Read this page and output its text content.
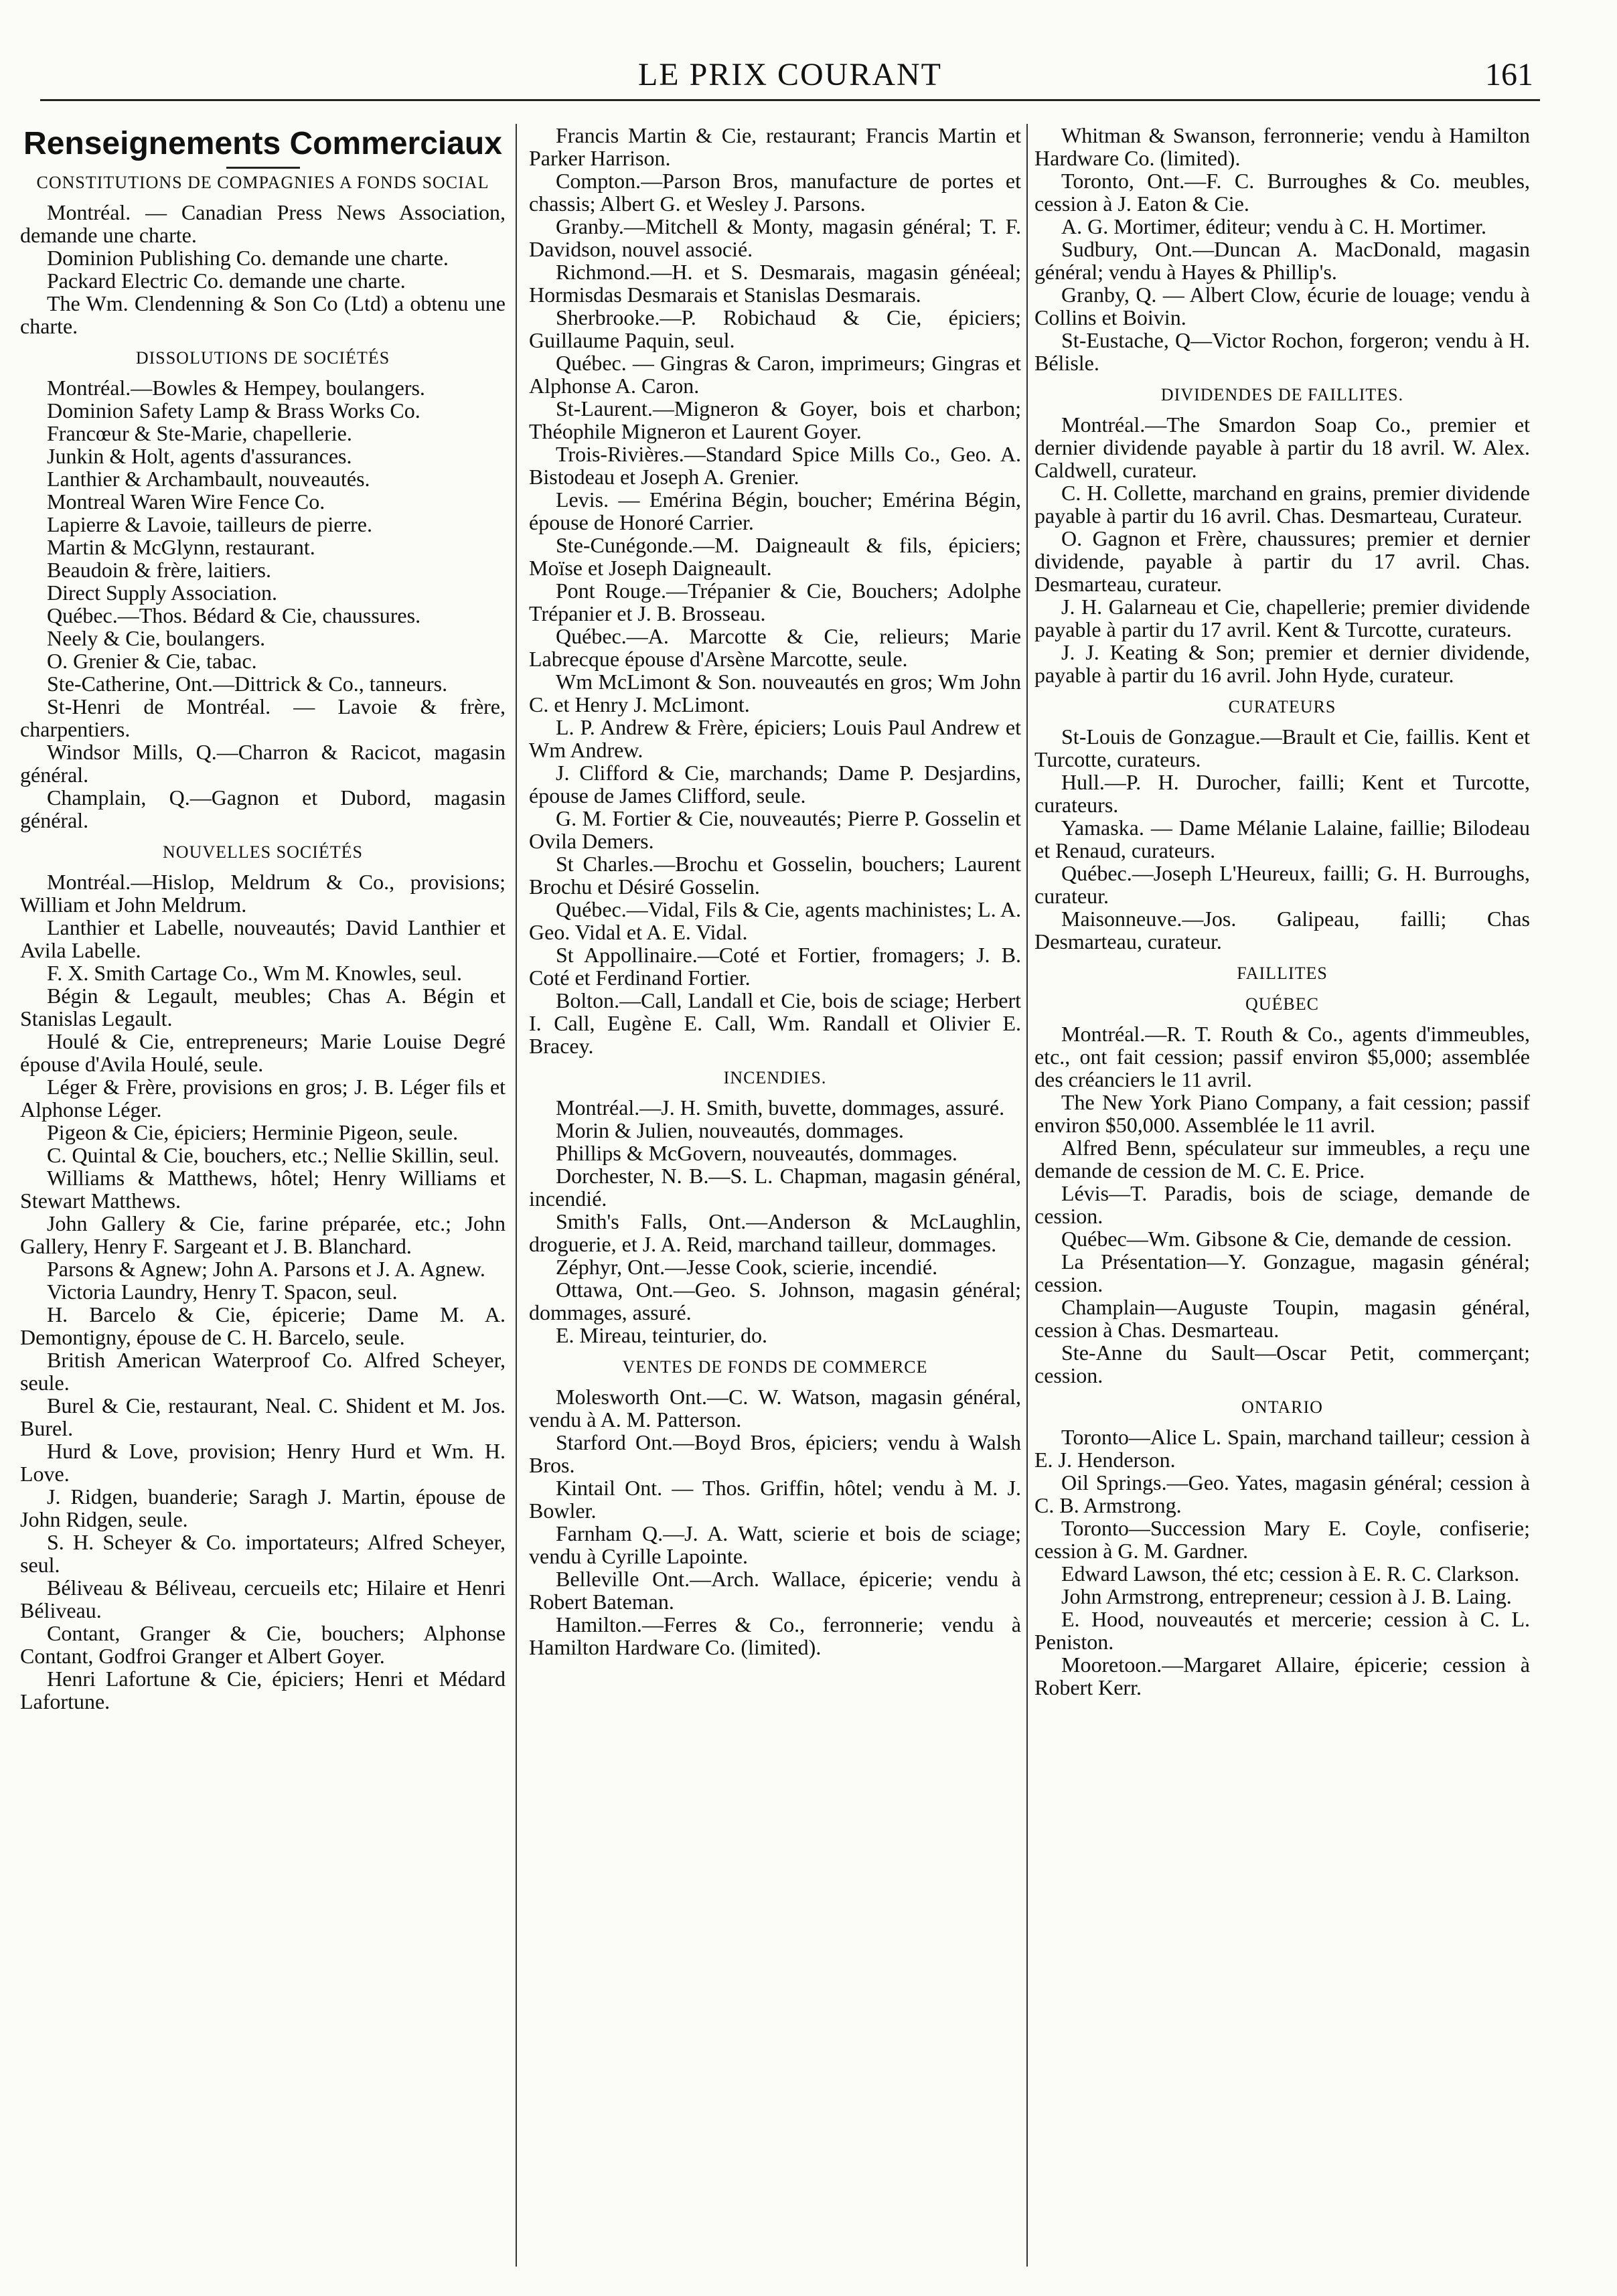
LE PRIX COURANT	161
Renseignements Commerciaux
CONSTITUTIONS DE COMPAGNIES A FONDS SOCIAL

Montréal. — Canadian Press News Association, demande une charte.

Dominion Publishing Co. demande une charte.

Packard Electric Co. demande une charte.

The Wm. Clendenning & Son Co (Ltd) a obtenu une charte.

DISSOLUTIONS DE SOCIÉTÉS

Montréal.—Bowles & Hempey, boulangers.

Dominion Safety Lamp & Brass Works Co.

Francœur & Ste-Marie, chapellerie.

Junkin & Holt, agents d'assurances.

Lanthier & Archambault, nouveautés.

Montreal Waren Wire Fence Co.

Lapierre & Lavoie, tailleurs de pierre.

Martin & McGlynn, restaurant.

Beaudoin & frère, laitiers.

Direct Supply Association.

Québec.—Thos. Bédard & Cie, chaussures.

Neely & Cie, boulangers.

O. Grenier & Cie, tabac.

Ste-Catherine, Ont.—Dittrick & Co., tanneurs.

St-Henri de Montréal. — Lavoie & frère, charpentiers.

Windsor Mills, Q.—Charron & Racicot, magasin général.

Champlain, Q.—Gagnon et Dubord, magasin général.

NOUVELLES SOCIÉTÉS

Montréal.—Hislop, Meldrum & Co., provisions; William et John Meldrum.

Lanthier et Labelle, nouveautés; David Lanthier et Avila Labelle.

F. X. Smith Cartage Co., Wm M. Knowles, seul.

Bégin & Legault, meubles; Chas A. Bégin et Stanislas Legault.

Houlé & Cie, entrepreneurs; Marie Louise Degré épouse d'Avila Houlé, seule.

Léger & Frère, provisions en gros; J. B. Léger fils et Alphonse Léger.

Pigeon & Cie, épiciers; Herminie Pigeon, seule.

C. Quintal & Cie, bouchers, etc.; Nellie Skillin, seul.

Williams & Matthews, hôtel; Henry Williams et Stewart Matthews.

John Gallery & Cie, farine préparée, etc.; John Gallery, Henry F. Sargeant et J. B. Blanchard.

Parsons & Agnew; John A. Parsons et J. A. Agnew.

Victoria Laundry, Henry T. Spacon, seul.

H. Barcelo & Cie, épicerie; Dame M. A. Demontigny, épouse de C. H. Barcelo, seule.

British American Waterproof Co. Alfred Scheyer, seule.

Burel & Cie, restaurant, Neal. C. Shident et M. Jos. Burel.

Hurd & Love, provision; Henry Hurd et Wm. H. Love.

J. Ridgen, buanderie; Saragh J. Martin, épouse de John Ridgen, seule.

S. H. Scheyer & Co. importateurs; Alfred Scheyer, seul.

Béliveau & Béliveau, cercueils etc; Hilaire et Henri Béliveau.

Contant, Granger & Cie, bouchers; Alphonse Contant, Godfroi Granger et Albert Goyer.

Henri Lafortune & Cie, épiciers; Henri et Médard Lafortune.

Francis Martin & Cie, restaurant; Francis Martin et Parker Harrison.

Compton.—Parson Bros, manufacture de portes et chassis; Albert G. et Wesley J. Parsons.

Granby.—Mitchell & Monty, magasin général; T. F. Davidson, nouvel associé.

Richmond.—H. et S. Desmarais, magasin généeal; Hormisdas Desmarais et Stanislas Desmarais.

Sherbrooke.—P. Robichaud & Cie, épiciers; Guillaume Paquin, seul.

Québec. — Gingras & Caron, imprimeurs; Gingras et Alphonse A. Caron.

St-Laurent.—Migneron & Goyer, bois et charbon; Théophile Migneron et Laurent Goyer.

Trois-Rivières.—Standard Spice Mills Co., Geo. A. Bistodeau et Joseph A. Grenier.

Levis. — Emérina Bégin, boucher; Emérina Bégin, épouse de Honoré Carrier.

Ste-Cunégonde.—M. Daigneault & fils, épiciers; Moïse et Joseph Daigneault.

Pont Rouge.—Trépanier & Cie, Bouchers; Adolphe Trépanier et J. B. Brosseau.

Québec.—A. Marcotte & Cie, relieurs; Marie Labrecque épouse d'Arsène Marcotte, seule.

Wm McLimont & Son. nouveautés en gros; Wm John C. et Henry J. McLimont.

L. P. Andrew & Frère, épiciers; Louis Paul Andrew et Wm Andrew.

J. Clifford & Cie, marchands; Dame P. Desjardins, épouse de James Clifford, seule.

G. M. Fortier & Cie, nouveautés; Pierre P. Gosselin et Ovila Demers.

St Charles.—Brochu et Gosselin, bouchers; Laurent Brochu et Désiré Gosselin.

Québec.—Vidal, Fils & Cie, agents machinistes; L. A. Geo. Vidal et A. E. Vidal.

St Appollinaire.—Coté et Fortier, fromagers; J. B. Coté et Ferdinand Fortier.

Bolton.—Call, Landall et Cie, bois de sciage; Herbert I. Call, Eugène E. Call, Wm. Randall et Olivier E. Bracey.

INCENDIES.

Montréal.—J. H. Smith, buvette, dommages, assuré.

Morin & Julien, nouveautés, dommages.

Phillips & McGovern, nouveautés, dommages.

Dorchester, N. B.—S. L. Chapman, magasin général, incendié.

Smith's Falls, Ont.—Anderson & McLaughlin, droguerie, et J. A. Reid, marchand tailleur, dommages.

Zéphyr, Ont.—Jesse Cook, scierie, incendié.

Ottawa, Ont.—Geo. S. Johnson, magasin général; dommages, assuré.

E. Mireau, teinturier, do.

VENTES DE FONDS DE COMMERCE

Molesworth Ont.—C. W. Watson, magasin général, vendu à A. M. Patterson.

Starford Ont.—Boyd Bros, épiciers; vendu à Walsh Bros.

Kintail Ont. — Thos. Griffin, hôtel; vendu à M. J. Bowler.

Farnham Q.—J. A. Watt, scierie et bois de sciage; vendu à Cyrille Lapointe.

Belleville Ont.—Arch. Wallace, épicerie; vendu à Robert Bateman.

Hamilton.—Ferres & Co., ferronnerie; vendu à Hamilton Hardware Co. (limited).

Whitman & Swanson, ferronnerie; vendu à Hamilton Hardware Co. (limited).

Toronto, Ont.—F. C. Burroughes & Co. meubles, cession à J. Eaton & Cie.

A. G. Mortimer, éditeur; vendu à C. H. Mortimer.

Sudbury, Ont.—Duncan A. MacDonald, magasin général; vendu à Hayes & Phillip's.

Granby, Q. — Albert Clow, écurie de louage; vendu à Collins et Boivin.

St-Eustache, Q—Victor Rochon, forgeron; vendu à H. Bélisle.

DIVIDENDES DE FAILLITES.

Montréal.—The Smardon Soap Co., premier et dernier dividende payable à partir du 18 avril. W. Alex. Caldwell, curateur.

C. H. Collette, marchand en grains, premier dividende payable à partir du 16 avril. Chas. Desmarteau, Curateur.

O. Gagnon et Frère, chaussures; premier et dernier dividende, payable à partir du 17 avril. Chas. Desmarteau, curateur.

J. H. Galarneau et Cie, chapellerie; premier dividende payable à partir du 17 avril. Kent & Turcotte, curateurs.

J. J. Keating & Son; premier et dernier dividende, payable à partir du 16 avril. John Hyde, curateur.

CURATEURS

St-Louis de Gonzague.—Brault et Cie, faillis. Kent et Turcotte, curateurs.

Hull.—P. H. Durocher, failli; Kent et Turcotte, curateurs.

Yamaska. — Dame Mélanie Lalaine, faillie; Bilodeau et Renaud, curateurs.

Québec.—Joseph L'Heureux, failli; G. H. Burroughs, curateur.

Maisonneuve.—Jos. Galipeau, failli; Chas Desmarteau, curateur.

FAILLITES
QUÉBEC

Montréal.—R. T. Routh & Co., agents d'immeubles, etc., ont fait cession; passif environ $5,000; assemblée des créanciers le 11 avril.

The New York Piano Company, a fait cession; passif environ $50,000. Assemblée le 11 avril.

Alfred Benn, spéculateur sur immeubles, a reçu une demande de cession de M. C. E. Price.

Lévis—T. Paradis, bois de sciage, demande de cession.

Québec—Wm. Gibsone & Cie, demande de cession.

La Présentation—Y. Gonzague, magasin général; cession.

Champlain—Auguste Toupin, magasin général, cession à Chas. Desmarteau.

Ste-Anne du Sault—Oscar Petit, commerçant; cession.

ONTARIO

Toronto—Alice L. Spain, marchand tailleur; cession à E. J. Henderson.

Oil Springs.—Geo. Yates, magasin général; cession à C. B. Armstrong.

Toronto—Succession Mary E. Coyle, confiserie; cession à G. M. Gardner.

Edward Lawson, thé etc; cession à E. R. C. Clarkson.

John Armstrong, entrepreneur; cession à J. B. Laing.

E. Hood, nouveautés et mercerie; cession à C. L. Peniston.

Mooretoon.—Margaret Allaire, épicerie; cession à Robert Kerr.
